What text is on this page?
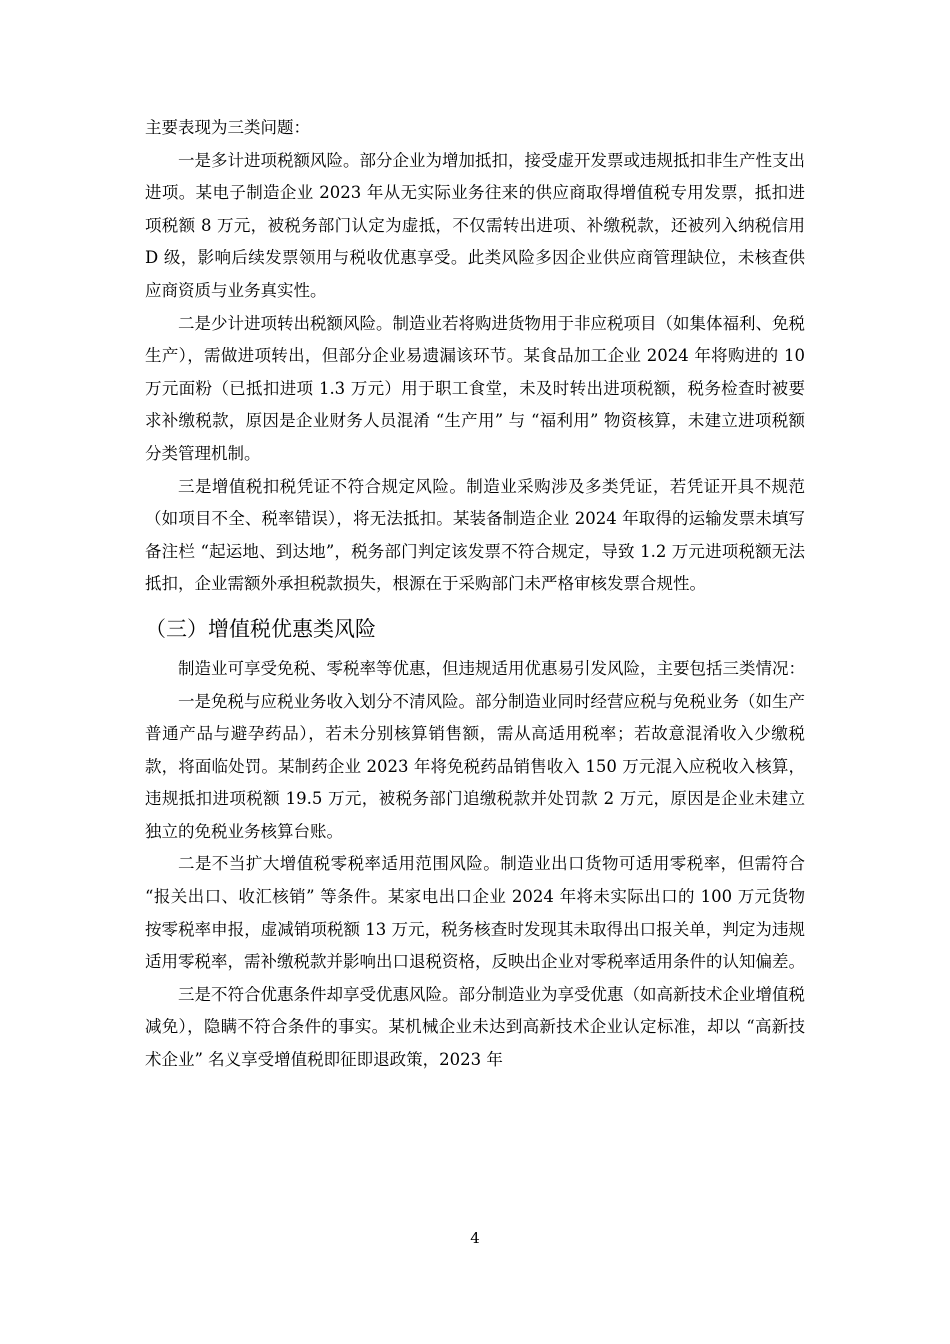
主要表现为三类问题：

一是多计进项税额风险。部分企业为增加抵扣，接受虚开发票或违规抵扣非生产性支出进项。某电子制造企业 2023 年从无实际业务往来的供应商取得增值税专用发票，抵扣进项税额 8 万元，被税务部门认定为虚抵，不仅需转出进项、补缴税款，还被列入纳税信用 D 级，影响后续发票领用与税收优惠享受。此类风险多因企业供应商管理缺位，未核查供应商资质与业务真实性。

二是少计进项转出税额风险。制造业若将购进货物用于非应税项目（如集体福利、免税生产），需做进项转出，但部分企业易遗漏该环节。某食品加工企业 2024 年将购进的 10 万元面粉（已抵扣进项 1.3 万元）用于职工食堂，未及时转出进项税额，税务检查时被要求补缴税款，原因是企业财务人员混淆 “生产用” 与 “福利用” 物资核算，未建立进项税额分类管理机制。

三是增值税扣税凭证不符合规定风险。制造业采购涉及多类凭证，若凭证开具不规范（如项目不全、税率错误），将无法抵扣。某装备制造企业 2024 年取得的运输发票未填写备注栏 “起运地、到达地”，税务部门判定该发票不符合规定，导致 1.2 万元进项税额无法抵扣，企业需额外承担税款损失，根源在于采购部门未严格审核发票合规性。

（三）增值税优惠类风险

制造业可享受免税、零税率等优惠，但违规适用优惠易引发风险，主要包括三类情况：

一是免税与应税业务收入划分不清风险。部分制造业同时经营应税与免税业务（如生产普通产品与避孕药品），若未分别核算销售额，需从高适用税率；若故意混淆收入少缴税款，将面临处罚。某制药企业 2023 年将免税药品销售收入 150 万元混入应税收入核算，违规抵扣进项税额 19.5 万元，被税务部门追缴税款并处罚款 2 万元，原因是企业未建立独立的免税业务核算台账。

二是不当扩大增值税零税率适用范围风险。制造业出口货物可适用零税率，但需符合 “报关出口、收汇核销” 等条件。某家电出口企业 2024 年将未实际出口的 100 万元货物按零税率申报，虚减销项税额 13 万元，税务核查时发现其未取得出口报关单，判定为违规适用零税率，需补缴税款并影响出口退税资格，反映出企业对零税率适用条件的认知偏差。

三是不符合优惠条件却享受优惠风险。部分制造业为享受优惠（如高新技术企业增值税减免），隐瞒不符合条件的事实。某机械企业未达到高新技术企业认定标准，却以 “高新技术企业” 名义享受增值税即征即退政策，2023 年

4
